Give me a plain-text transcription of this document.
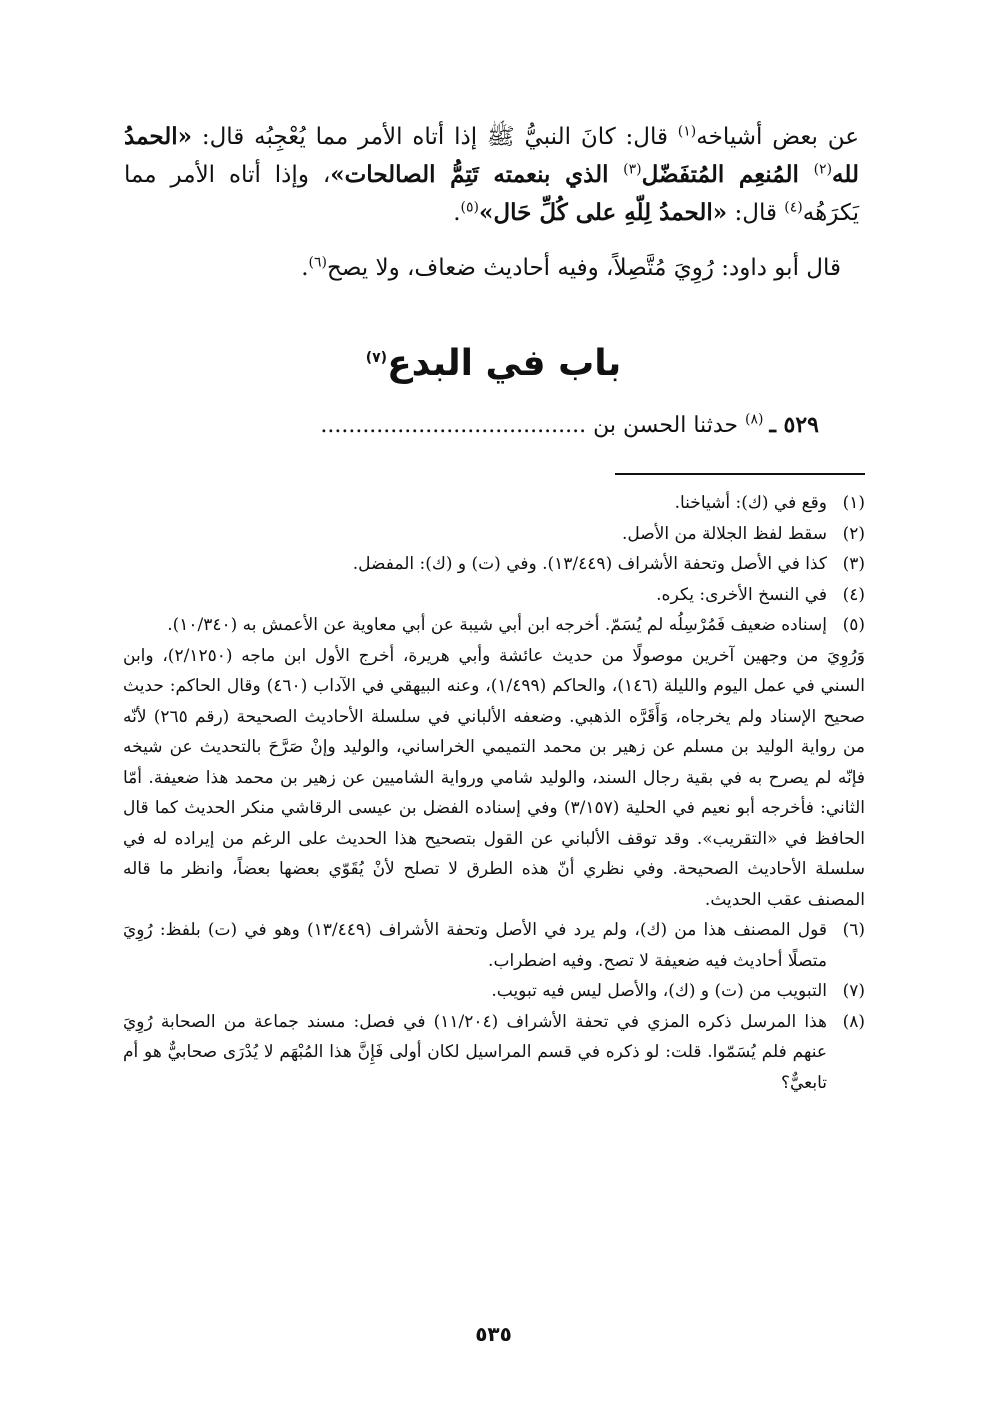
عن بعض أشياخه$^{(١)}$ قال: كانَ النبيُّ ﷺ إذا أتاه الأمر مما يُعْجِبُه قال: «الحمدُ لله$^{(٢)}$ المُنعِم المُتفَضّل$^{(٣)}$ الذي بنعمته تَتِمُّ الصالحات»، وإذا أتاه الأمر مما يَكرَهُه$^{(٤)}$ قال: «الحمدُ لِلّهِ على كُلِّ حَال»$^{(٥)}$.

قال أبو داود: رُوِيَ مُتَّصِلاً، وفيه أحاديث ضعاف، ولا يصح$^{(٦)}$.

باب في البدع$^{(٧)}$
٥٢٩ ـ$^{(٨)}$ حدثنا الحسن بن ......................................
(١)
وقع في (ك): أشياخنا.
(٢)
سقط لفظ الجلالة من الأصل.
(٣)
كذا في الأصل وتحفة الأشراف (١٣/٤٤٩). وفي (ت) و (ك): المفضل.
(٤)
في النسخ الأخرى: يكره.
(٥)
إسناده ضعيف فَمُرْسِلُه لم يُسَمّ. أخرجه ابن أبي شيبة عن أبي معاوية عن الأعمش به (١٠/٣٤٠).

وَرُوِيَ من وجهين آخرين موصولًا من حديث عائشة وأبي هريرة، أخرج الأول ابن ماجه (٢/١٢٥٠)، وابن السني في عمل اليوم والليلة (١٤٦)، والحاكم (١/٤٩٩)، وعنه البيهقي في الآداب (٤٦٠) وقال الحاكم: حديث صحيح الإسناد ولم يخرجاه، وَأَقَرَّه الذهبي. وضعفه الألباني في سلسلة الأحاديث الصحيحة (رقم ٢٦٥) لأنّه من رواية الوليد بن مسلم عن زهير بن محمد التميمي الخراساني، والوليد وإنْ صَرَّحَ بالتحديث عن شيخه فإنّه لم يصرح به في بقية رجال السند، والوليد شامي ورواية الشاميين عن زهير بن محمد هذا ضعيفة. أمّا الثاني: فأخرجه أبو نعيم في الحلية (٣/١٥٧) وفي إسناده الفضل بن عيسى الرقاشي منكر الحديث كما قال الحافظ في «التقريب». وقد توقف الألباني عن القول بتصحيح هذا الحديث على الرغم من إيراده له في سلسلة الأحاديث الصحيحة. وفي نظري أنّ هذه الطرق لا تصلح لأنْ يُقَوّي بعضها بعضاً، وانظر ما قاله المصنف عقب الحديث.

(٦)
قول المصنف هذا من (ك)، ولم يرد في الأصل وتحفة الأشراف (١٣/٤٤٩) وهو في (ت) بلفظ: رُوِيَ متصلًا أحاديث فيه ضعيفة لا تصح. وفيه اضطراب.
(٧)
التبويب من (ت) و (ك)، والأصل ليس فيه تبويب.
(٨)
هذا المرسل ذكره المزي في تحفة الأشراف (١١/٢٠٤) في فصل: مسند جماعة من الصحابة رُوِيَ عنهم فلم يُسَمّوا. قلت: لو ذكره في قسم المراسيل لكان أولى فَإِنَّ هذا المُبْهَم لا يُدْرَى صحابيٌّ هو أم تابعيٌّ؟
٥٣٥
